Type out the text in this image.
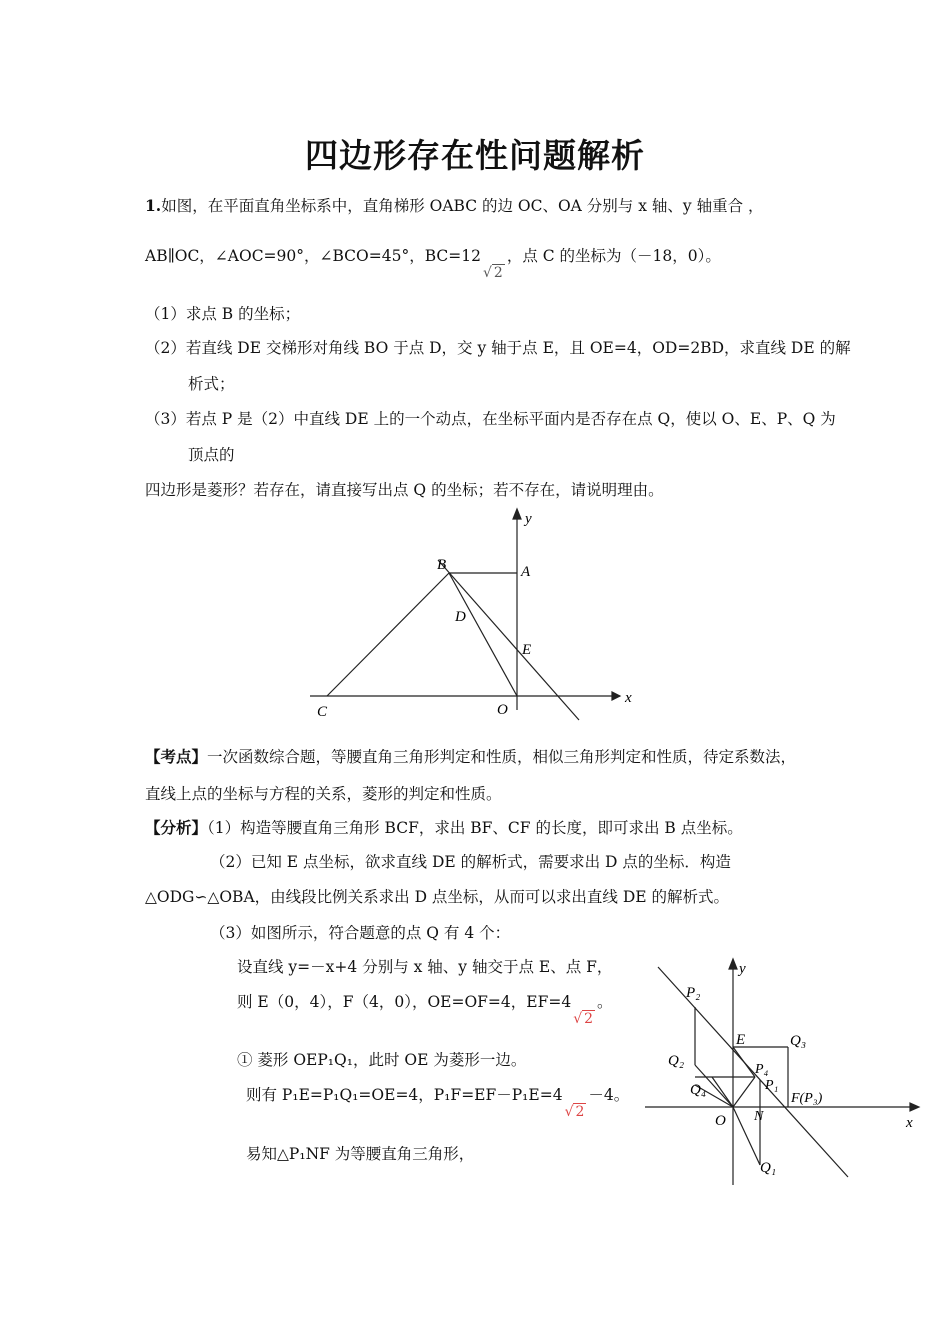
四边形存在性问题解析
1.如图，在平面直角坐标系中，直角梯形 OABC 的边 OC、OA 分别与 x 轴、y 轴重合 ，
AB∥OC，∠AOC=90°，∠BCO=45°，BC=12√ 2，点 C 的坐标为（－18，0）。
（1）求点 B 的坐标；
（2）若直线 DE 交梯形对角线 BO 于点 D，交 y 轴于点 E，且 OE=4，OD=2BD，求直线 DE 的解
析式；
（3）若点 P 是（2）中直线 DE 上的一个动点，在坐标平面内是否存在点 Q，使以 O、E、P、Q 为
顶点的
四边形是菱形？若存在，请直接写出点 Q 的坐标；若不存在，请说明理由。
y
x
A
B
D
E
O
C
【考点】一次函数综合题，等腰直角三角形判定和性质，相似三角形判定和性质，待定系数法，
直线上点的坐标与方程的关系，菱形的判定和性质。
【分析】（1）构造等腰直角三角形 BCF，求出 BF、CF 的长度，即可求出 B 点坐标。
（2）已知 E 点坐标，欲求直线 DE 的解析式，需要求出 D 点的坐标．构造
△ODG∽△OBA，由线段比例关系求出 D 点坐标，从而可以求出直线 DE 的解析式。
（3）如图所示，符合题意的点 Q 有 4 个：
设直线 y=－x+4 分别与 x 轴、y 轴交于点 E、点 F，
则 E（0，4），F（4，0），OE=OF=4，EF=4√ 2。
① 菱形 OEP₁Q₁，此时 OE 为菱形一边。
则有 P₁E=P₁Q₁=OE=4，P₁F=EF－P₁E=4√ 2－4。
易知△P₁NF 为等腰直角三角形，
y
x
O
E
F(P₃)
N
P₁
P₂
P₄
Q₁
Q₂
Q₃
Q₄
